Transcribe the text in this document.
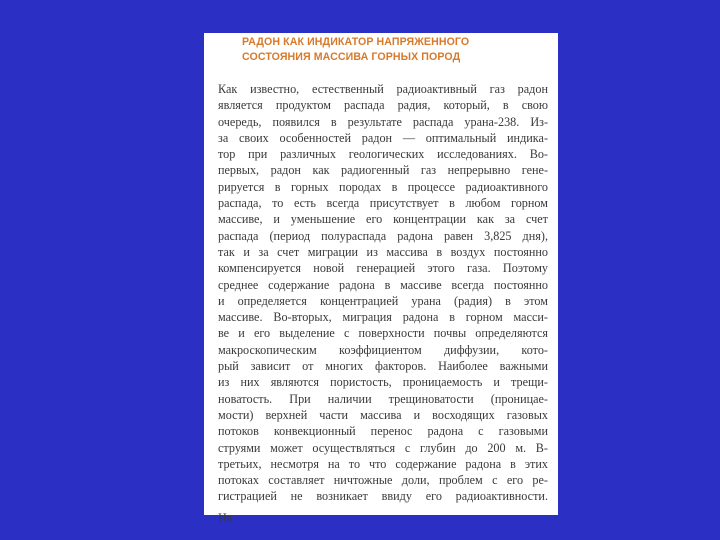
РАДОН КАК ИНДИКАТОР НАПРЯЖЕННОГО
СОСТОЯНИЯ МАССИВА ГОРНЫХ ПОРОД
Как известно, естественный радиоактивный газ радон
является продуктом распада радия, который, в свою
очередь, появился в результате распада урана-238. Из-
за своих особенностей радон — оптимальный индика-
тор при различных геологических исследованиях. Во-
первых, радон как радиогенный газ непрерывно гене-
рируется в горных породах в процессе радиоактивного
распада, то есть всегда присутствует в любом горном
массиве, и уменьшение его концентрации как за счет
распада (период полураспада радона равен 3,825 дня),
так и за счет миграции из массива в воздух постоянно
компенсируется новой генерацией этого газа. Поэтому
среднее содержание радона в массиве всегда постоянно
и определяется концентрацией урана (радия) в этом
массиве. Во-вторых, миграция радона в горном масси-
ве и его выделение с поверхности почвы определяются
макроскопическим коэффициентом диффузии, кото-
рый зависит от многих факторов. Наиболее важными
из них являются пористость, проницаемость и трещи-
новатость. При наличии трещиноватости (проницае-
мости) верхней части массива и восходящих газовых
потоков конвекционный перенос радона с газовыми
струями может осуществляться с глубин до 200 м. В-
третьих, несмотря на то что содержание радона в этих
потоках составляет ничтожные доли, проблем с его ре-
гистрацией не возникает ввиду его радиоактивности.
На
